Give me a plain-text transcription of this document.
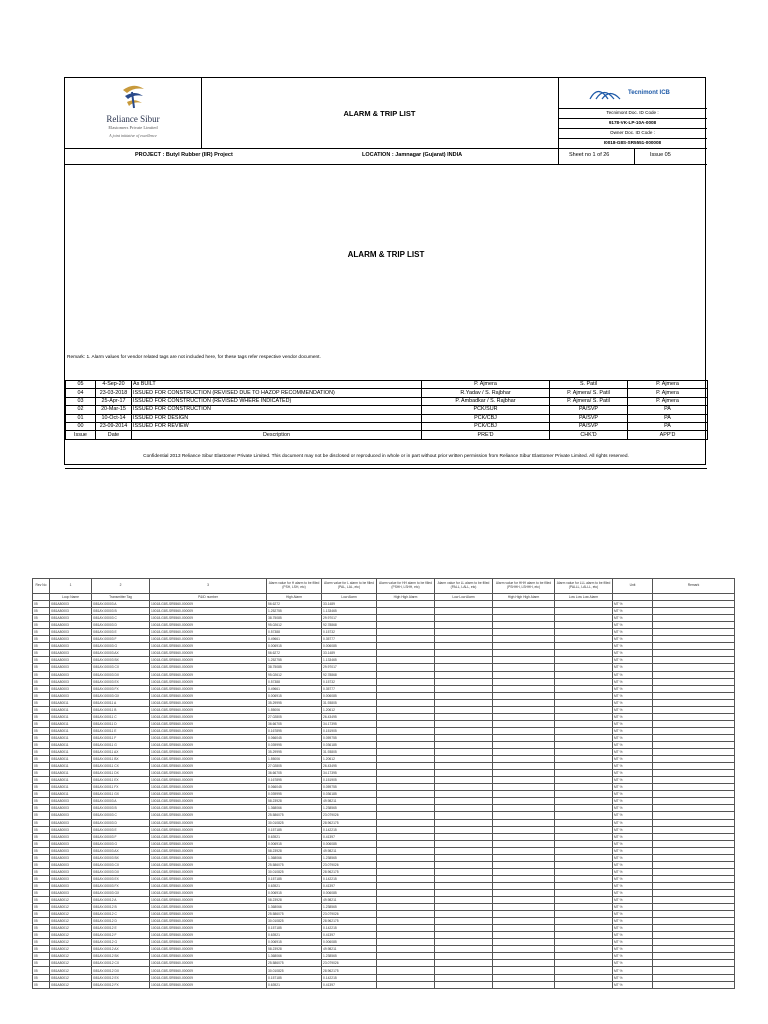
Reliance Sibur
Elastomers Private Limited
A joint initiative of excellence
ALARM & TRIP LIST
Tecnimont ICB
Tecnimont Doc. ID Code :
9178-VK-LP-10A-0008
Owner Doc. ID Code :
I0018-G8S-SR5551-000008
PROJECT : Butyl Rubber (IIR) Project	LOCATION : Jamnagar (Gujarat) INDIA	Sheet no 1 of 26	Issue 05
ALARM & TRIP LIST
Remark: 1. Alarm values for vendor related tags are not included here, for these tags refer respective vendor document.
05	4-Sep-20	As BUILT	P. Ajmera	S. Patil	P. Ajmera
04	23-03-2018	ISSUED FOR CONSTRUCTION (REVISED DUE TO HAZOP RECOMMENDATION)	R.Yadav / S. Rajbhar	P. Ajmera/ S. Patil	P. Ajmera
03	25-Apr-17	ISSUED FOR CONSTRUCTION (REVISED WHERE INDICATED)	P. Ambadkar / S. Rajbhar	P. Ajmera/ S. Patil	P. Ajmera
02	20-Mar-15	ISSUED FOR CONSTRUCTION	PCK/SUR	PA/SVP	PA
01	10-Oct-14	ISSUED FOR DESIGN	PCK/CBJ	PA/SVP	PA
00	23-09-2014	ISSUED FOR REVIEW	PCK/CBJ	PA/SVP	PA
Issue	Date	Description	PRE'D	CHK'D	APP'D
Confidential 2013 Reliance Sibur Elastomer Private Limited. This document may not be disclosed or reproduced in whole or in part without prior written permission from Reliance Sibur Elastomer Private Limited. All rights reserved.
Rev No	1	2	3	Alarm value for H alarm to be filled (PSH, LSH, etc)	Alarm value for L alarm to be filled (PAL, LAL, etc)	Alarm value for HH alarm to be filled (PSHH, LSHH, etc)	Alarm value for LL alarm to be filled (PALL, LALL, etc)	Alarm value for HHH alarm to be filled (PSHHH, LSHHH, etc)	Alarm value for LLL alarm to be filled (PALLL, LALLL, etc)	Unit	Remark
	Loop Name	Transmitter Tag	P&ID number	High Alarm	Low Alarm	High High Alarm	Low Low Alarm	High High High Alarm	Low Low Low Alarm		
05	I081A80003	I081AY-00003 A	10018-G8S-SR5560-000009	56.6272	33.1489					MT %	
05	I081A80003	I081AY-00003 B	10018-G8S-SR5560-000009	1.252755	1.133465					MT %	
05	I081A80003	I081AY-00003 C	10018-G8S-SR5560-000009	38.75085	29.97017					MT %	
05	I081A80003	I081AY-00003 D	10018-G8S-SR5560-000009	95.02612	92.78868					MT %	
05	I081A80003	I081AY-00003 E	10018-G8S-SR5560-000009	0.57388	0.15732					MT %	
05	I081A80003	I081AY-00003 F	10018-G8S-SR5560-000009	0.49661	0.35777					MT %	
05	I081A80003	I081AY-00003 G	10018-G8S-SR5560-000009	0.006915	0.006085					MT %	
05	I081A80003	I081AY-00003 AX	10018-G8S-SR5560-000009	56.6272	33.1489					MT %	
05	I081A80003	I081AY-00003 BX	10018-G8S-SR5560-000009	1.252755	1.133465					MT %	
05	I081A80003	I081AY-00003 CX	10018-G8S-SR5560-000009	38.75085	29.97017					MT %	
05	I081A80003	I081AY-00003 DX	10018-G8S-SR5560-000009	95.02612	92.78868					MT %	
05	I081A80003	I081AY-00003 EX	10018-G8S-SR5560-000009	0.57388	0.15732					MT %	
05	I081A80003	I081AY-00003 FX	10018-G8S-SR5560-000009	0.49661	0.35777					MT %	
05	I081A80003	I081AY-00003 GX	10018-G8S-SR5560-000009	0.006915	0.006085					MT %	
05	I081A80011	I081AY-00011 A	10018-G8S-SR5560-000009	35.29995	31.93805					MT %	
05	I081A80011	I081AY-00011 B	10018-G8S-SR5560-000009	1.55006	1.20612					MT %	
05	I081A80011	I081AY-00011 C	10018-G8S-SR5560-000009	27.02805	26.43495					MT %	
05	I081A80011	I081AY-00011 D	10018-G8S-SR5560-000009	36.66705	34.17395					MT %	
05	I081A80011	I081AY-00011 E	10018-G8S-SR5560-000009	0.167895	0.151905					MT %	
05	I081A80011	I081AY-00011 F	10018-G8S-SR5560-000009	0.066045	0.059755					MT %	
05	I081A80011	I081AY-00011 G	10018-G8S-SR5560-000009	0.039995	0.036185					MT %	
05	I081A80011	I081AY-00011 AX	10018-G8S-SR5560-000009	35.29995	31.93805					MT %	
05	I081A80011	I081AY-00011 BX	10018-G8S-SR5560-000009	1.55006	1.20612					MT %	
05	I081A80011	I081AY-00011 CX	10018-G8S-SR5560-000009	27.02805	26.43495					MT %	
05	I081A80011	I081AY-00011 DX	10018-G8S-SR5560-000009	36.66705	34.17395					MT %	
05	I081A80011	I081AY-00011 EX	10018-G8S-SR5560-000009	0.167895	0.151905					MT %	
05	I081A80011	I081AY-00011 FX	10018-G8S-SR5560-000009	0.066045	0.059755					MT %	
05	I081A80011	I081AY-00011 GX	10018-G8S-SR5560-000009	0.039995	0.036185					MT %	
05	I081A80003	I081AY-00003 A	10018-G8S-SR5560-000009	58.23928	49.98211					MT %	
05	I081A80003	I081AY-00003 B	10018-G8S-SR5560-000009	1.368066	1.238565					MT %	
05	I081A80003	I081AY-00003 C	10018-G8S-SR5560-000009	25.586075	23.079026					MT %	
05	I081A80003	I081AY-00003 D	10018-G8S-SR5560-000009	30.010825	28.962175					MT %	
05	I081A80003	I081AY-00003 E	10018-G8S-SR5560-000009	0.157185	0.142215					MT %	
05	I081A80003	I081AY-00003 F	10018-G8S-SR5560-000009	0.63921	0.41397					MT %	
05	I081A80003	I081AY-00003 G	10018-G8S-SR5560-000009	0.006915	0.006085					MT %	
05	I081A80003	I081AY-00003 AX	10018-G8S-SR5560-000009	58.23928	49.98211					MT %	
05	I081A80003	I081AY-00003 BX	10018-G8S-SR5560-000009	1.368066	1.238565					MT %	
05	I081A80003	I081AY-00003 CX	10018-G8S-SR5560-000009	25.586075	23.079026					MT %	
05	I081A80003	I081AY-00003 DX	10018-G8S-SR5560-000009	30.010825	28.962175					MT %	
05	I081A80003	I081AY-00003 EX	10018-G8S-SR5560-000009	0.157185	0.142215					MT %	
05	I081A80003	I081AY-00003 FX	10018-G8S-SR5560-000009	0.63921	0.41397					MT %	
05	I081A80003	I081AY-00003 GX	10018-G8S-SR5560-000009	0.006915	0.006085					MT %	
05	I081A80012	I081AY-00012 A	10018-G8S-SR5560-000009	58.23928	49.98211					MT %	
05	I081A80012	I081AY-00012 B	10018-G8S-SR5560-000009	1.368066	1.238565					MT %	
05	I081A80012	I081AY-00012 C	10018-G8S-SR5560-000009	25.586075	23.079026					MT %	
05	I081A80012	I081AY-00012 D	10018-G8S-SR5560-000009	30.010825	28.962175					MT %	
05	I081A80012	I081AY-00012 E	10018-G8S-SR5560-000009	0.157185	0.142215					MT %	
05	I081A80012	I081AY-00012 F	10018-G8S-SR5560-000009	0.63921	0.41397					MT %	
05	I081A80012	I081AY-00012 G	10018-G8S-SR5560-000009	0.006915	0.006085					MT %	
05	I081A80012	I081AY-00012 AX	10018-G8S-SR5560-000009	58.23928	49.98211					MT %	
05	I081A80012	I081AY-00012 BX	10018-G8S-SR5560-000009	1.368066	1.238565					MT %	
05	I081A80012	I081AY-00012 CX	10018-G8S-SR5560-000009	25.586075	23.079026					MT %	
05	I081A80012	I081AY-00012 DX	10018-G8S-SR5560-000009	30.010825	28.962175					MT %	
05	I081A80012	I081AY-00012 EX	10018-G8S-SR5560-000009	0.157185	0.142215					MT %	
05	I081A80012	I081AY-00012 FX	10018-G8S-SR5560-000009	0.63921	0.41397					MT %	
